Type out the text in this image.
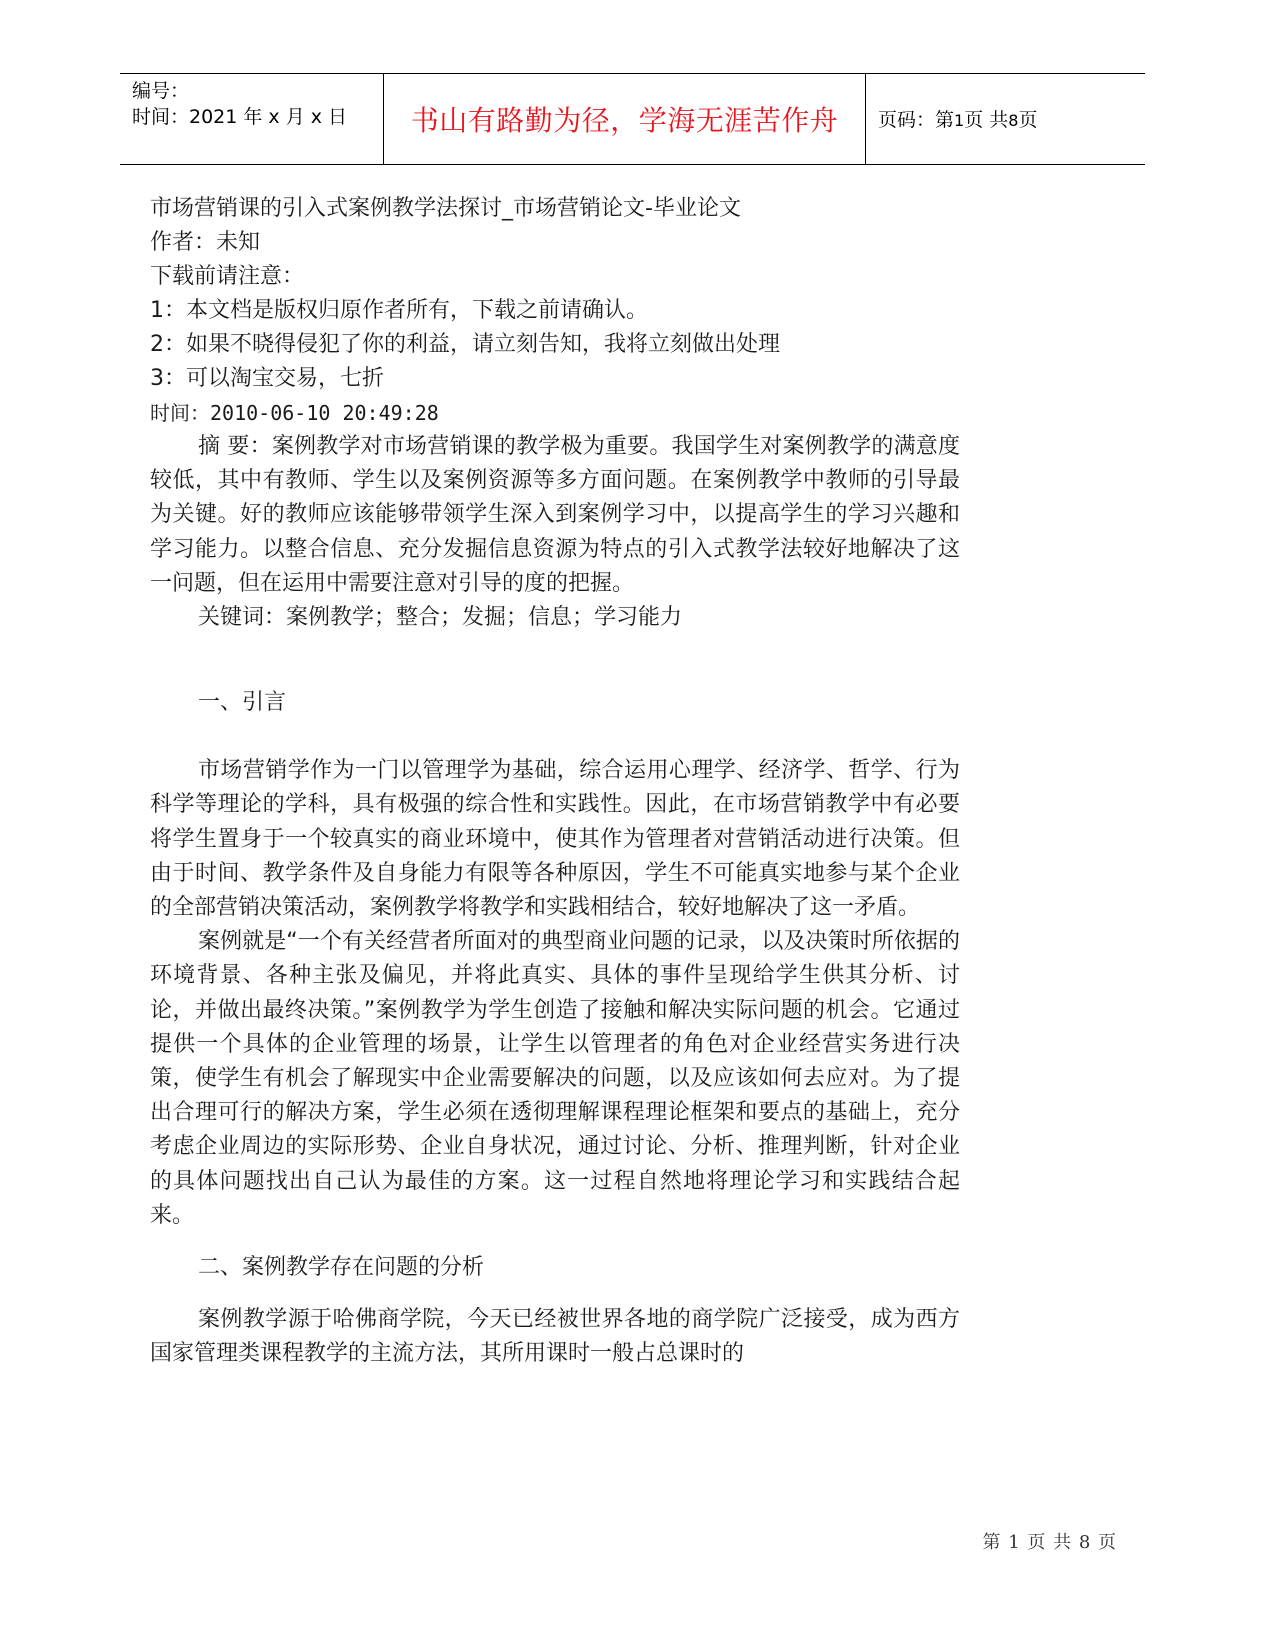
编号：
时间：2021 年 x 月 x 日	书山有路勤为径，学海无涯苦作舟	页码：第1页 共8页
市场营销课的引入式案例教学法探讨_市场营销论文-毕业论文
作者：未知
下载前请注意：
1：本文档是版权归原作者所有，下载之前请确认。
2：如果不晓得侵犯了你的利益，请立刻告知，我将立刻做出处理
3：可以淘宝交易，七折
时间：2010-06-10 20:49:28

摘 要：案例教学对市场营销课的教学极为重要。我国学生对案例教学的满意度较低，其中有教师、学生以及案例资源等多方面问题。在案例教学中教师的引导最为关键。好的教师应该能够带领学生深入到案例学习中，以提高学生的学习兴趣和学习能力。以整合信息、充分发掘信息资源为特点的引入式教学法较好地解决了这一问题，但在运用中需要注意对引导的度的把握。

关键词：案例教学；整合；发掘；信息；学习能力

一、引言

市场营销学作为一门以管理学为基础，综合运用心理学、经济学、哲学、行为科学等理论的学科，具有极强的综合性和实践性。因此，在市场营销教学中有必要将学生置身于一个较真实的商业环境中，使其作为管理者对营销活动进行决策。但由于时间、教学条件及自身能力有限等各种原因，学生不可能真实地参与某个企业的全部营销决策活动，案例教学将教学和实践相结合，较好地解决了这一矛盾。

案例就是“一个有关经营者所面对的典型商业问题的记录，以及决策时所依据的环境背景、各种主张及偏见，并将此真实、具体的事件呈现给学生供其分析、讨论，并做出最终决策。”案例教学为学生创造了接触和解决实际问题的机会。它通过提供一个具体的企业管理的场景，让学生以管理者的角色对企业经营实务进行决策，使学生有机会了解现实中企业需要解决的问题，以及应该如何去应对。为了提出合理可行的解决方案，学生必须在透彻理解课程理论框架和要点的基础上，充分考虑企业周边的实际形势、企业自身状况，通过讨论、分析、推理判断，针对企业的具体问题找出自己认为最佳的方案。这一过程自然地将理论学习和实践结合起来。

二、案例教学存在问题的分析

案例教学源于哈佛商学院，今天已经被世界各地的商学院广泛接受，成为西方国家管理类课程教学的主流方法，其所用课时一般占总课时的

第 1 页 共 8 页
